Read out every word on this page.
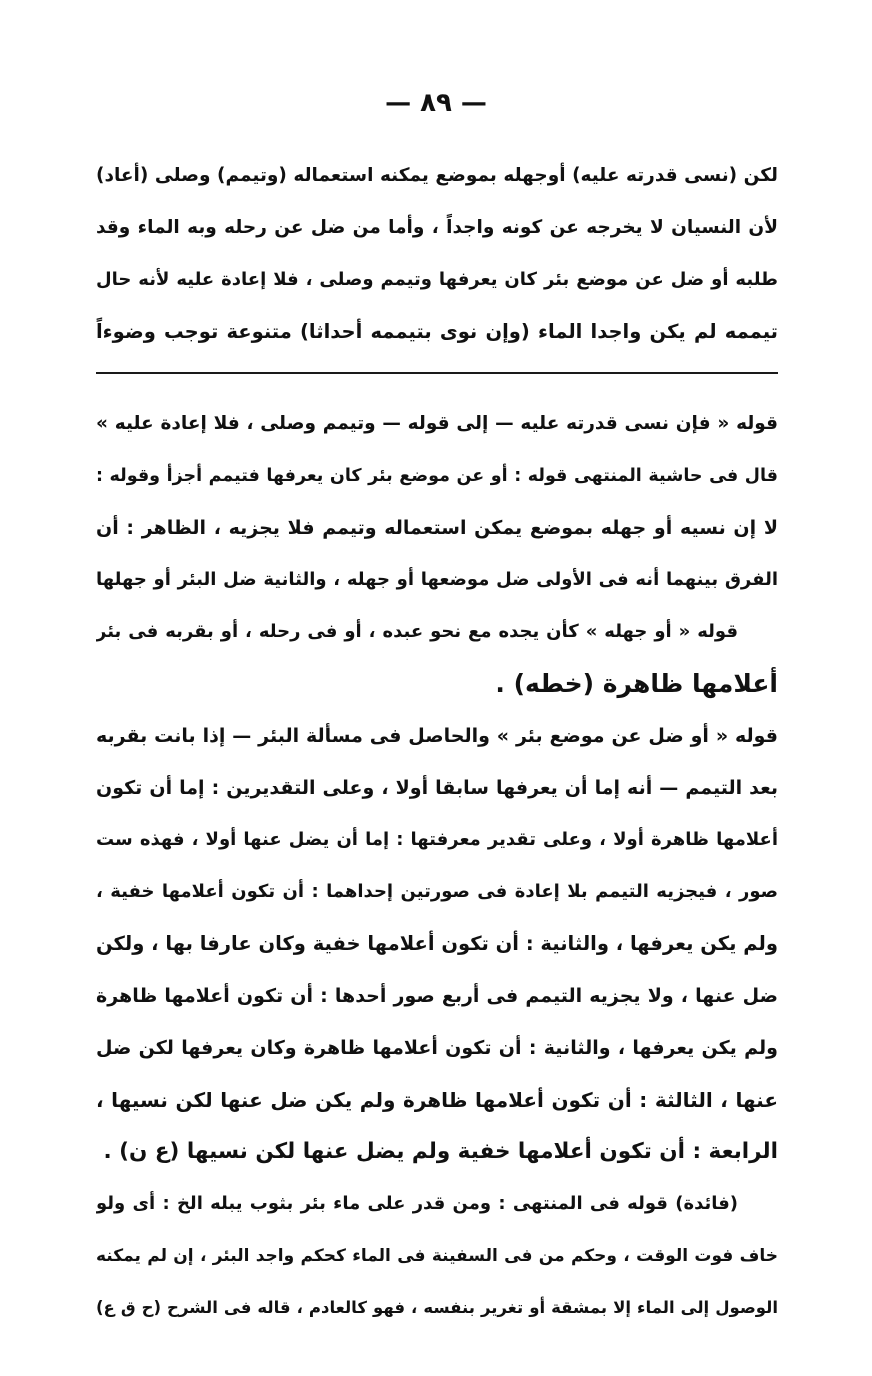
— ٨٩ —
لكن (نسى قدرته عليه) أوجهله بموضع يمكنه استعماله (وتيمم) وصلى (أعاد)
لأن النسيان لا يخرجه عن كونه واجداً ، وأما من ضل عن رحله وبه الماء وقد
طلبه أو ضل عن موضع بئر كان يعرفها وتيمم وصلى ، فلا إعادة عليه لأنه حال
تيممه لم يكن واجدا الماء (وإن نوى بتيممه أحداثا) متنوعة توجب وضوءاً
قوله « فإن نسى قدرته عليه — إلى قوله — وتيمم وصلى ، فلا إعادة عليه »
قال فى حاشية المنتهى قوله : أو عن موضع بئر كان يعرفها فتيمم أجزأ وقوله :
لا إن نسيه أو جهله بموضع يمكن استعماله وتيمم فلا يجزيه ، الظاهر : أن
الفرق بينهما أنه فى الأولى ضل موضعها أو جهله ، والثانية ضل البئر أو جهلها
قوله « أو جهله » كأن يجده مع نحو عبده ، أو فى رحله ، أو بقربه فى بئر
أعلامها ظاهرة (خطه) .
قوله « أو ضل عن موضع بئر » والحاصل فى مسألة البئر — إذا بانت بقربه
بعد التيمم — أنه إما أن يعرفها سابقا أولا ، وعلى التقديرين : إما أن تكون
أعلامها ظاهرة أولا ، وعلى تقدير معرفتها : إما أن يضل عنها أولا ، فهذه ست
صور ، فيجزيه التيمم بلا إعادة فى صورتين إحداهما : أن تكون أعلامها خفية ،
ولم يكن يعرفها ، والثانية : أن تكون أعلامها خفية وكان عارفا بها ، ولكن
ضل عنها ، ولا يجزيه التيمم فى أربع صور أحدها : أن تكون أعلامها ظاهرة
ولم يكن يعرفها ، والثانية : أن تكون أعلامها ظاهرة وكان يعرفها لكن ضل
عنها ، الثالثة : أن تكون أعلامها ظاهرة ولم يكن ضل عنها لكن نسيها ،
الرابعة : أن تكون أعلامها خفية ولم يضل عنها لكن نسيها (ع ن) .
(فائدة) قوله فى المنتهى : ومن قدر على ماء بئر بثوب يبله الخ : أى ولو
خاف فوت الوقت ، وحكم من فى السفينة فى الماء كحكم واجد البئر ، إن لم يمكنه
الوصول إلى الماء إلا بمشقة أو تغرير بنفسه ، فهو كالعادم ، قاله فى الشرح (ح ق ع)
